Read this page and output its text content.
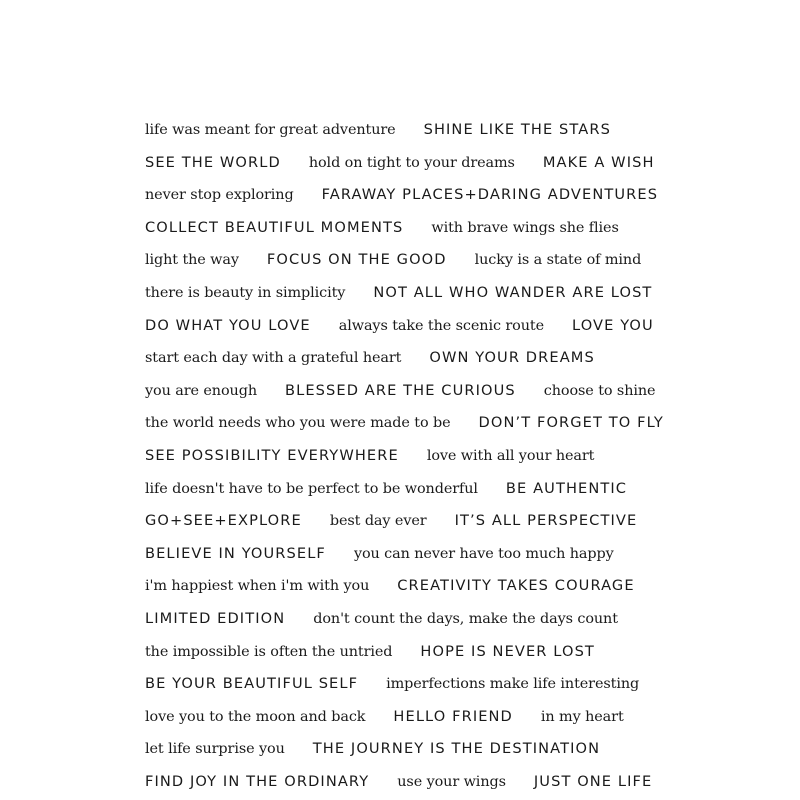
life was meant for great adventure SHINE LIKE THE STARS
SEE THE WORLD hold on tight to your dreams MAKE A WISH
never stop exploring FARAWAY PLACES+DARING ADVENTURES
COLLECT BEAUTIFUL MOMENTS with brave wings she flies
light the way FOCUS ON THE GOOD lucky is a state of mind
there is beauty in simplicity NOT ALL WHO WANDER ARE LOST
DO WHAT YOU LOVE always take the scenic route LOVE YOU
start each day with a grateful heart OWN YOUR DREAMS
you are enough BLESSED ARE THE CURIOUS choose to shine
the world needs who you were made to be DON’T FORGET TO FLY
SEE POSSIBILITY EVERYWHERE love with all your heart
life doesn't have to be perfect to be wonderful BE AUTHENTIC
GO+SEE+EXPLORE best day ever IT’S ALL PERSPECTIVE
BELIEVE IN YOURSELF you can never have too much happy
i'm happiest when i'm with you CREATIVITY TAKES COURAGE
LIMITED EDITION don't count the days, make the days count
the impossible is often the untried HOPE IS NEVER LOST
BE YOUR BEAUTIFUL SELF imperfections make life interesting
love you to the moon and back HELLO FRIEND in my heart
let life surprise you THE JOURNEY IS THE DESTINATION
FIND JOY IN THE ORDINARY use your wings JUST ONE LIFE
